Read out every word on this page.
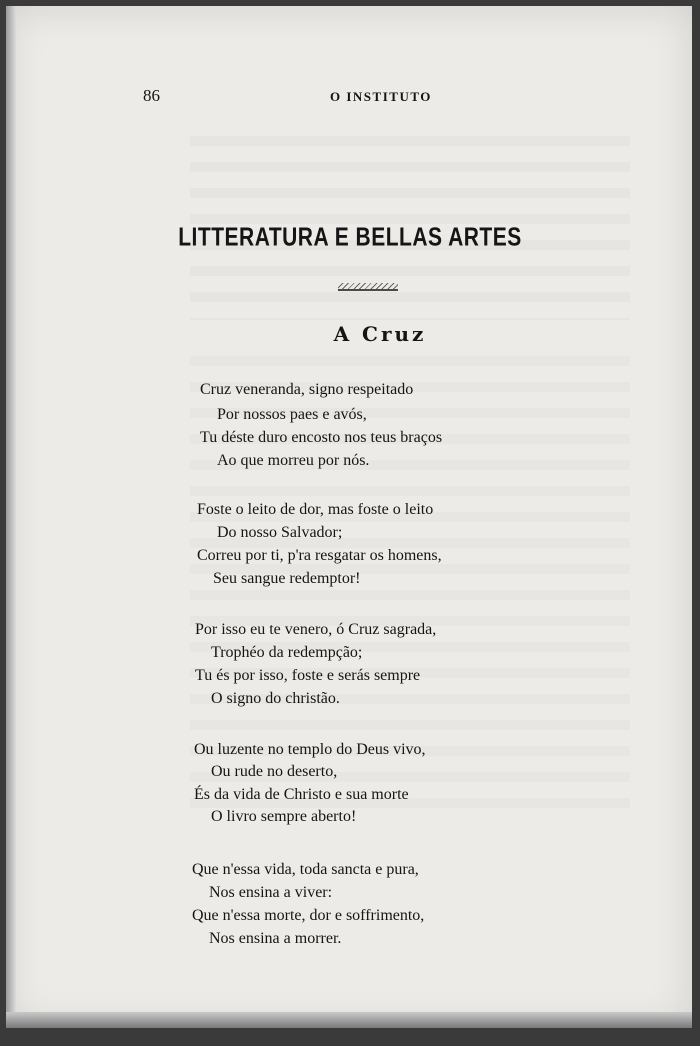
86	O INSTITUTO
LITTERATURA E BELLAS ARTES
A Cruz
Cruz veneranda, signo respeitado
Por nossos paes e avós,
Tu déste duro encosto nos teus braços
Ao que morreu por nós.
Foste o leito de dor, mas foste o leito
Do nosso Salvador;
Correu por ti, p'ra resgatar os homens,
Seu sangue redemptor!
Por isso eu te venero, ó Cruz sagrada,
Trophéo da redempção;
Tu és por isso, foste e serás sempre
O signo do christão.
Ou luzente no templo do Deus vivo,
Ou rude no deserto,
És da vida de Christo e sua morte
O livro sempre aberto!
Que n'essa vida, toda sancta e pura,
Nos ensina a viver:
Que n'essa morte, dor e soffrimento,
Nos ensina a morrer.
